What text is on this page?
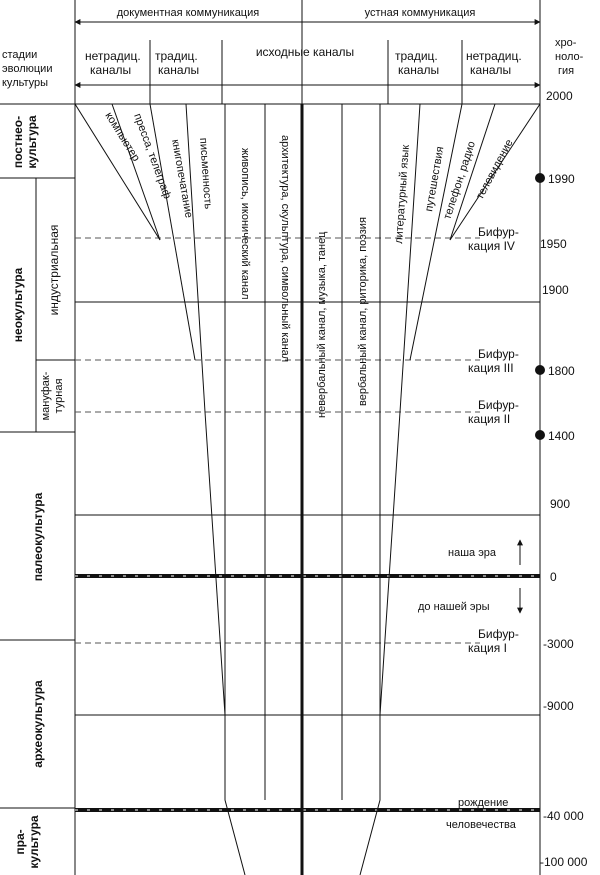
документная коммуникация	устная коммуникация
стадии
эволюции
культуры
хро-
ноло-
гия
нетрадиц.
каналы
традиц.
каналы
исходные каналы	традиц.
каналы
нетрадиц.
каналы
постнео- культура
неокультура индустриальная
мануфак- турная
палеокультура
археокультура
пра- культура
компьютер
пресса, телеграф
книгопечатание письменность живопись, иконический канал	архитектура, скульптура, символьный канал невербальный канал, музыка, танец	вербальный канал, риторика, поэзия
литературный язык путешествия
телефон, радио
телевидение
2000
1990
1950
1900
1800
1400
900
0
-3000
-9000
-40 000
-100 000
Бифур-
кация IV
Бифур-
кация III
Бифур-
кация II
Бифур-
кация I
наша эра
до нашей эры
рождение
человечества
